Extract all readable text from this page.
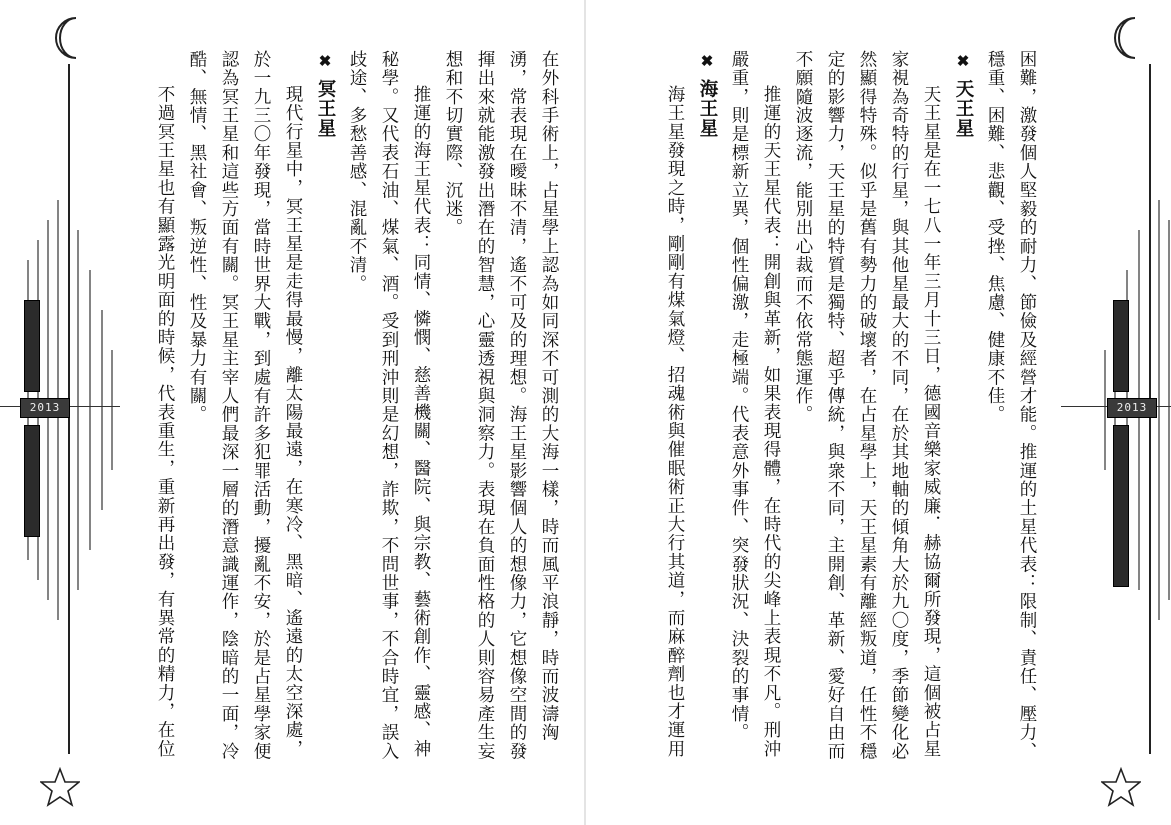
2013	在外科手術上，占星學上認為如同深不可測的大海一樣，時而風平浪靜，時而波濤洶湧，常表現在曖昧不清，遙不可及的理想。海王星影響個人的想像力，它想像空間的發揮出來就能激發出潛在的智慧，心靈透視與洞察力。表現在負面性格的人則容易產生妄想和不切實際、沉迷。

推運的海王星代表：同情、憐憫、慈善機關、醫院、與宗教、藝術創作、靈感、神秘學。又代表石油、煤氣、酒。受到刑沖則是幻想，詐欺，不問世事，不合時宜，誤入歧途、多愁善感、混亂不清。

✖冥王星

現代行星中，冥王星是走得最慢，離太陽最遠，在寒冷、黑暗、遙遠的太空深處，於一九三〇年發現，當時世界大戰，到處有許多犯罪活動，擾亂不安，於是占星學家便認為冥王星和這些方面有關。冥王星主宰人們最深一層的潛意識運作，陰暗的一面，冷酷、無情、黑社會、叛逆性、性及暴力有關。

不過冥王星也有顯露光明面的時候，代表重生，重新再出發，有異常的精力，在位	困難，激發個人堅毅的耐力、節儉及經營才能。推運的土星代表：限制、責任、壓力、穩重、困難、悲觀、受挫、焦慮、健康不佳。

✖天王星

天王星是在一七八一年三月十三日，德國音樂家威廉．赫協爾所發現，這個被占星家視為奇特的行星，與其他星最大的不同，在於其地軸的傾角大於九〇度，季節變化必然顯得特殊。似乎是舊有勢力的破壞者，在占星學上，天王星素有離經叛道，任性不穩定的影響力，天王星的特質是獨特、超乎傳統，與衆不同，主開創、革新、愛好自由而不願隨波逐流，能別出心裁而不依常態運作。

推運的天王星代表：開創與革新，如果表現得體，在時代的尖峰上表現不凡。刑沖嚴重，則是標新立異，個性偏激，走極端。代表意外事件、突發狀況、決裂的事情。

✖海王星

海王星發現之時，剛剛有煤氣燈、招魂術與催眠術正大行其道，而麻醉劑也才運用	2013
